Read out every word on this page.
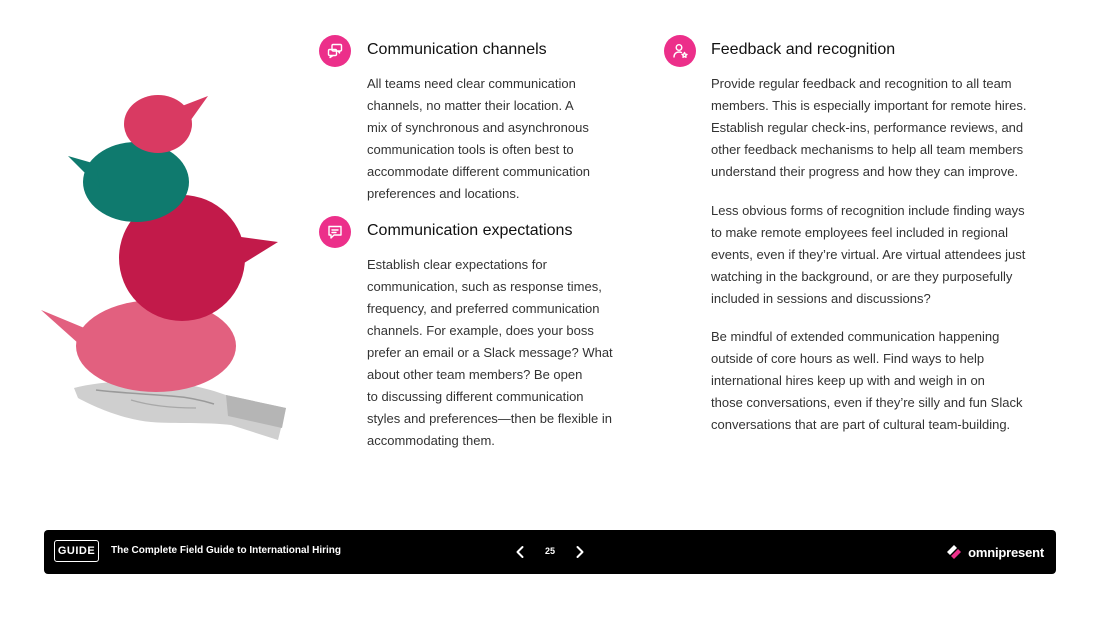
Communication channels

All teams need clear communication
channels, no matter their location. A
mix of synchronous and asynchronous
communication tools is often best to
accommodate different communication
preferences and locations.

Communication expectations

Establish clear expectations for
communication, such as response times,
frequency, and preferred communication
channels. For example, does your boss
prefer an email or a Slack message? What
about other team members? Be open
to discussing different communication
styles and preferences—then be flexible in
accommodating them.

Feedback and recognition

Provide regular feedback and recognition to all team
members. This is especially important for remote hires.
Establish regular check-ins, performance reviews, and
other feedback mechanisms to help all team members
understand their progress and how they can improve.

Less obvious forms of recognition include finding ways
to make remote employees feel included in regional
events, even if they’re virtual. Are virtual attendees just
watching in the background, or are they purposefully
included in sessions and discussions?

Be mindful of extended communication happening
outside of core hours as well. Find ways to help
international hires keep up with and weigh in on
those conversations, even if they’re silly and fun Slack
conversations that are part of cultural team-building.

GUIDE	The Complete Field Guide to International Hiring	25	omnipresent
